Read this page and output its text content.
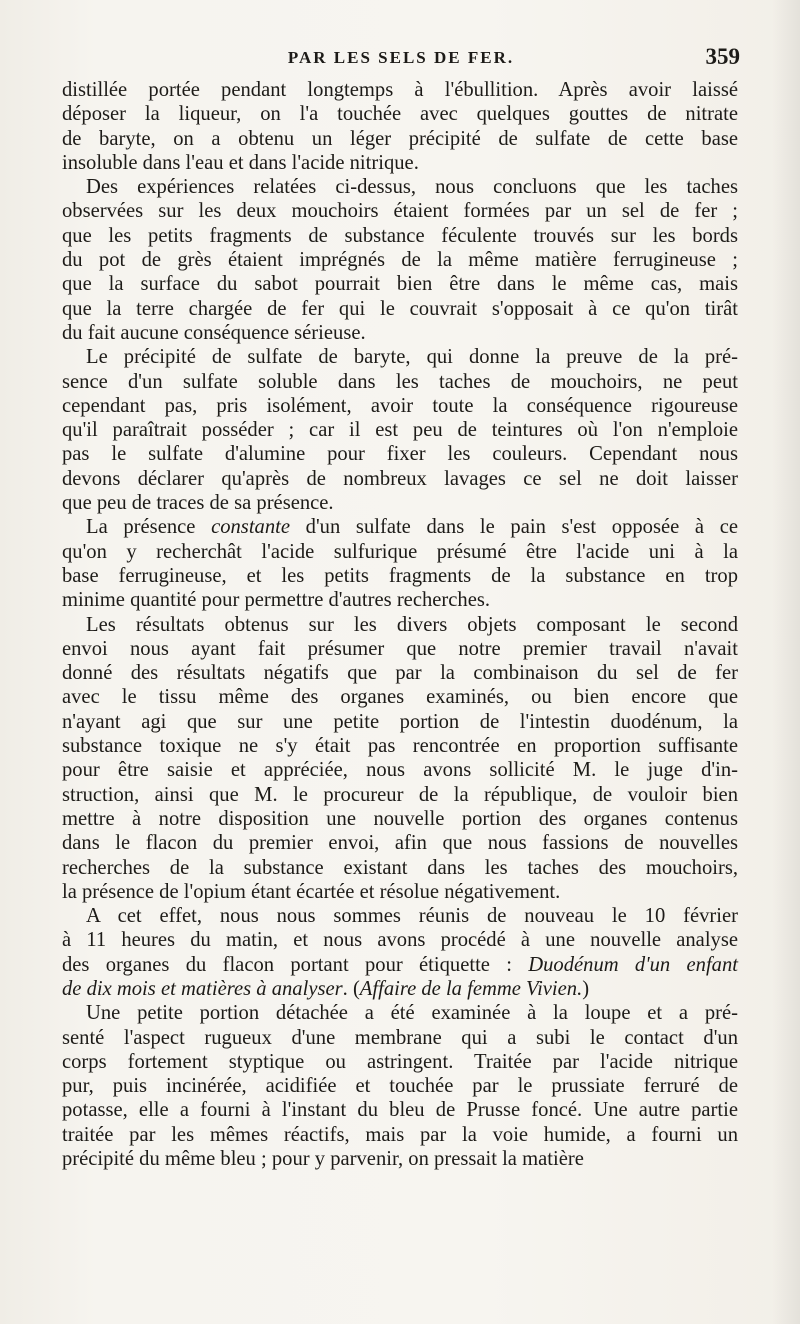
PAR LES SELS DE FER.	359
distillée portée pendant longtemps à l'ébullition. Après avoir laissé
déposer la liqueur, on l'a touchée avec quelques gouttes de nitrate
de baryte, on a obtenu un léger précipité de sulfate de cette base
insoluble dans l'eau et dans l'acide nitrique.
Des expériences relatées ci-dessus, nous concluons que les taches
observées sur les deux mouchoirs étaient formées par un sel de fer ;
que les petits fragments de substance féculente trouvés sur les bords
du pot de grès étaient imprégnés de la même matière ferrugineuse ;
que la surface du sabot pourrait bien être dans le même cas, mais
que la terre chargée de fer qui le couvrait s'opposait à ce qu'on tirât
du fait aucune conséquence sérieuse.
Le précipité de sulfate de baryte, qui donne la preuve de la pré-
sence d'un sulfate soluble dans les taches de mouchoirs, ne peut
cependant pas, pris isolément, avoir toute la conséquence rigoureuse
qu'il paraîtrait posséder ; car il est peu de teintures où l'on n'emploie
pas le sulfate d'alumine pour fixer les couleurs. Cependant nous
devons déclarer qu'après de nombreux lavages ce sel ne doit laisser
que peu de traces de sa présence.
La présence constante d'un sulfate dans le pain s'est opposée à ce
qu'on y recherchât l'acide sulfurique présumé être l'acide uni à la
base ferrugineuse, et les petits fragments de la substance en trop
minime quantité pour permettre d'autres recherches.
Les résultats obtenus sur les divers objets composant le second
envoi nous ayant fait présumer que notre premier travail n'avait
donné des résultats négatifs que par la combinaison du sel de fer
avec le tissu même des organes examinés, ou bien encore que
n'ayant agi que sur une petite portion de l'intestin duodénum, la
substance toxique ne s'y était pas rencontrée en proportion suffisante
pour être saisie et appréciée, nous avons sollicité M. le juge d'in-
struction, ainsi que M. le procureur de la république, de vouloir bien
mettre à notre disposition une nouvelle portion des organes contenus
dans le flacon du premier envoi, afin que nous fassions de nouvelles
recherches de la substance existant dans les taches des mouchoirs,
la présence de l'opium étant écartée et résolue négativement.
A cet effet, nous nous sommes réunis de nouveau le 10 février
à 11 heures du matin, et nous avons procédé à une nouvelle analyse
des organes du flacon portant pour étiquette : Duodénum d'un enfant
de dix mois et matières à analyser. (Affaire de la femme Vivien.)
Une petite portion détachée a été examinée à la loupe et a pré-
senté l'aspect rugueux d'une membrane qui a subi le contact d'un
corps fortement styptique ou astringent. Traitée par l'acide nitrique
pur, puis incinérée, acidifiée et touchée par le prussiate ferruré de
potasse, elle a fourni à l'instant du bleu de Prusse foncé. Une autre partie
traitée par les mêmes réactifs, mais par la voie humide, a fourni un
précipité du même bleu ; pour y parvenir, on pressait la matière
